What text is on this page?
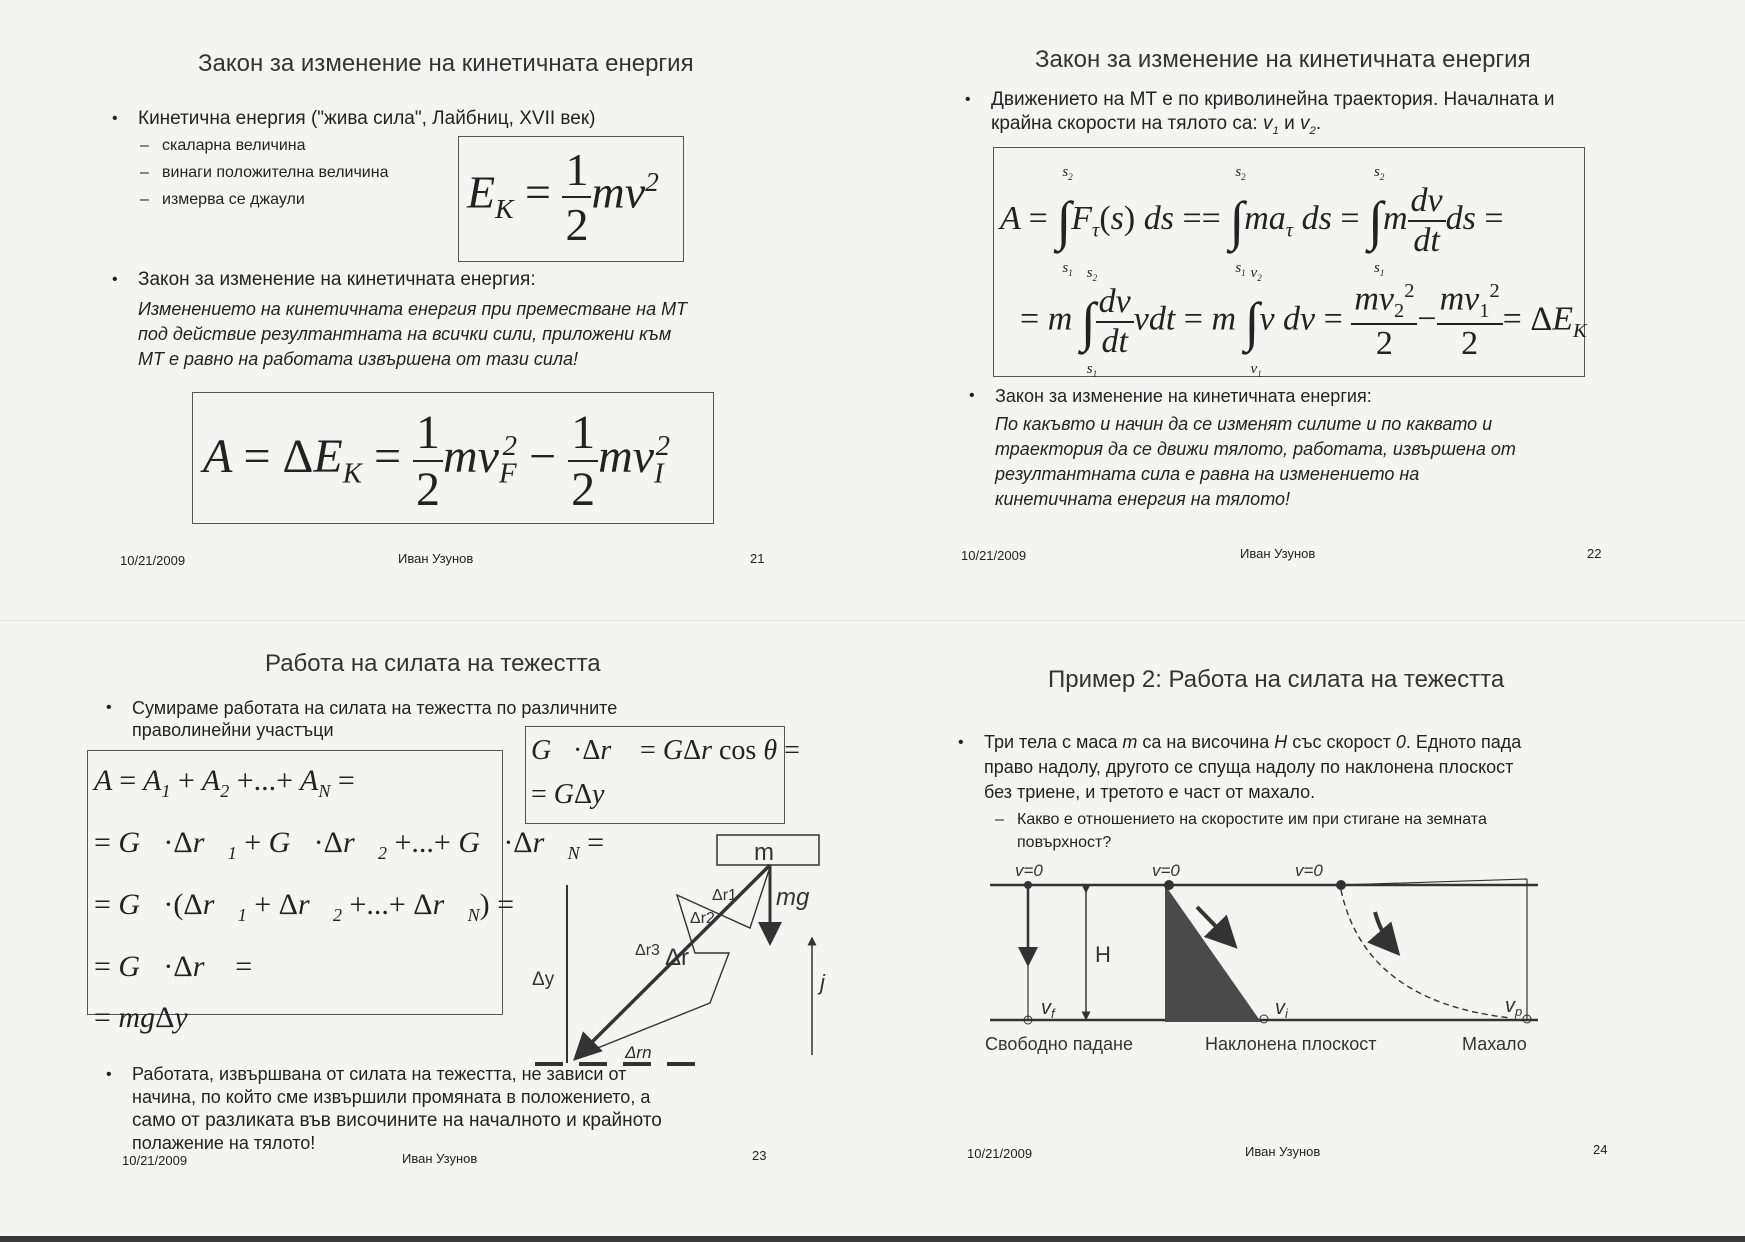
Закон за изменение на кинетичната енергия
• Кинетична енергия ("жива сила", Лайбниц, XVII век)
– скаларна величина
– винаги положителна величина
– измерва се джаули	$E_K = \frac{1}{2} mv^2$
• Закон за изменение на кинетичната енергия:
Изменението на кинетичната енергия при преместване на МТ
под действие резултантната на всички сили, приложени към
МТ е равно на работата извършена от тази сила!
$A = \Delta E_K = \frac{1}{2} mv_F^2 - \frac{1}{2} mv_I^2$
10/21/2009	Иван Узунов	21
Закон за изменение на кинетичната енергия
• Движението на МТ е по криволинейна траектория. Началната и
крайна скорости на тялото са: $v_1$ и $v_2$.
A = ∫
$s_2$
$s_1$
$F_\tau(s)$ ds == ∫
$s_2$
$s_1$
$ma_\tau$ ds = ∫
$s_2$
$s_1$
m $\frac{dv}{dt}$ ds =
= m ∫
$s_2$
$s_1$
$\frac{dv}{dt}$ vdt = m ∫
$v_2$
$v_1$
v dv = $\frac{mv_2^2}{2} - \frac{mv_1^2}{2} = \Delta E_K$
• Закон за изменение на кинетичната енергия:
По какъвто и начин да се изменят силите и по каквато и
траектория да се движи тялото, работата, извършена от
резултантната сила е равна на изменението на
кинетичната енергия на тялото!
10/21/2009	Иван Узунов	22
Работа на силата на тежестта
• Сумираме работата на силата на тежестта по различните
праволинейни участъци
$A = A_1 + A_2$ +...+ $A_N$ =
= $G⃗\cdot\Delta r⃗_1$ + $G⃗\cdot\Delta r⃗_2$ +...+ $G⃗\cdot\Delta r⃗_N$ =
= $G⃗\cdot(\Delta r⃗_1$ + $\Delta r⃗_2$ +...+ $\Delta r⃗_N$) =
= G⃗·Δr⃗ =
= mgΔy
G⃗·Δr⃗ = GΔr cos θ =
= GΔy
m
Δy
mg
Δr
Δr1
Δr2
Δr3
j
Δrn
• Работата, извършвана от силата на тежестта, не зависи от
начина, по който сме извършили промяната в положението, а
само от разликата във височините на началното и крайното
полажение на тялото!
10/21/2009	Иван Узунов	23
Пример 2: Работа на силата на тежестта
• Три тела с маса m са на височина H със скорост 0. Едното пада
право надолу, другото се спуща надолу по наклонена плоскост
без триене, и третото е част от махало.
– Какво е отношението на скоростите им при стигане на земната
повърхност?
v=0	v=0	v=0
$v_f$
H
$v_i$	$v_p$
Свободно падане	Наклонена плоскост	Махало
10/21/2009	Иван Узунов	24
